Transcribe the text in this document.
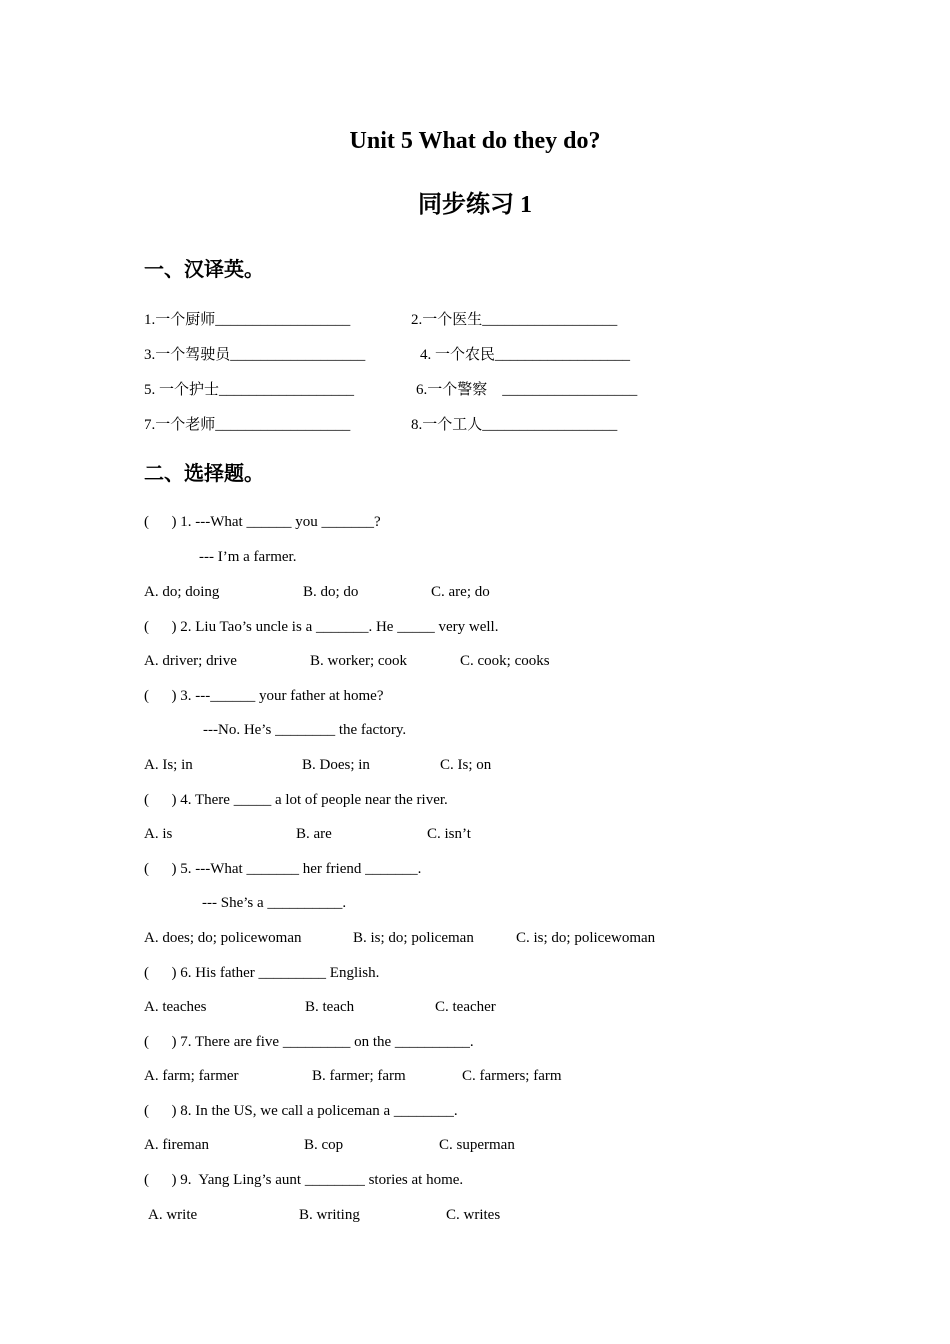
Unit 5 What do they do?
同步练习 1
一、汉译英。
1.一个厨师__________________	2.一个医生__________________
3.一个驾驶员__________________	4. 一个农民__________________
5. 一个护士__________________	6.一个警察    __________________
7.一个老师__________________	8.一个工人__________________
二、选择题。
(      ) 1. ---What ______ you _______?
--- I’m a farmer.
A. do; doing	B. do; do	C. are; do
(      ) 2. Liu Tao’s uncle is a _______. He _____ very well.
A. driver; drive	B. worker; cook	C. cook; cooks
(      ) 3. ---______ your father at home?
---No. He’s ________ the factory.
A. Is; in	B. Does; in	C. Is; on
(      ) 4. There _____ a lot of people near the river.
A. is	B. are	C. isn’t
(      ) 5. ---What _______ her friend _______.
--- She’s a __________.
A. does; do; policewoman	B. is; do; policeman	C. is; do; policewoman
(      ) 6. His father _________ English.
A. teaches	B. teach	C. teacher
(      ) 7. There are five _________ on the __________.
A. farm; farmer	B. farmer; farm	C. farmers; farm
(      ) 8. In the US, we call a policeman a ________.
A. fireman	B. cop	C. superman
(      ) 9.  Yang Ling’s aunt ________ stories at home.
A. write	B. writing	C. writes
